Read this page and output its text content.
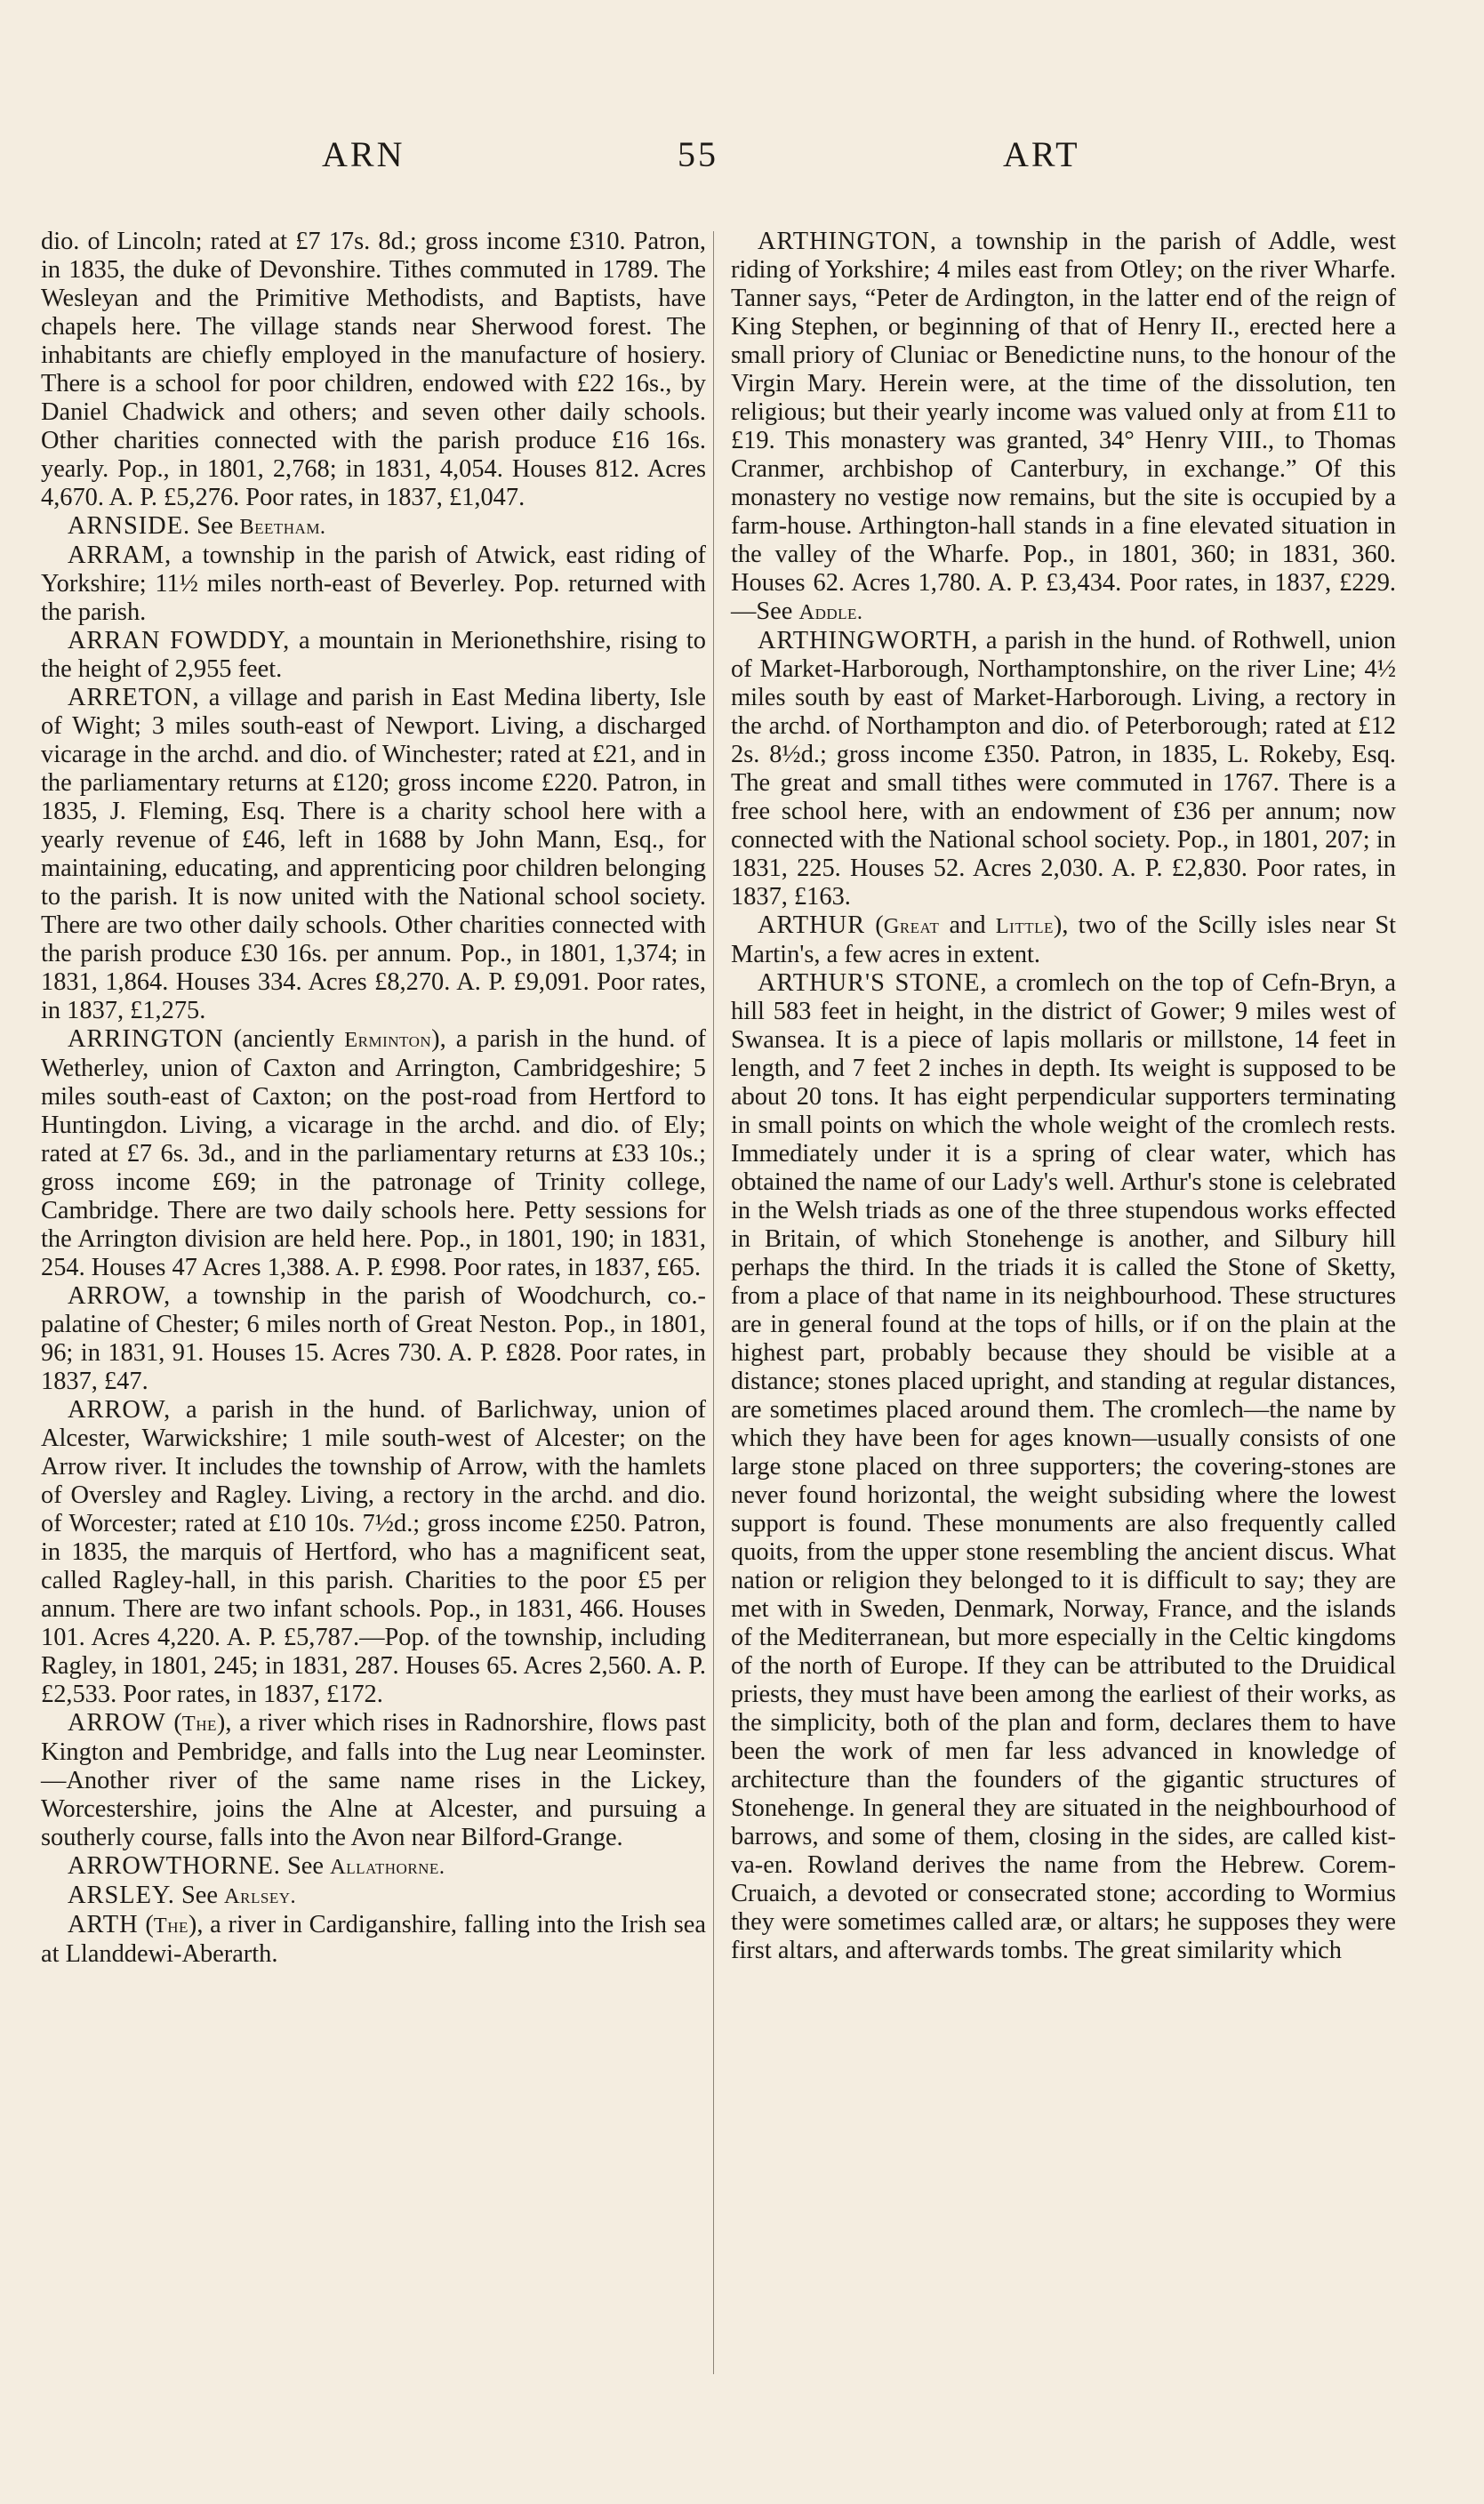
ARN	55	ART

dio. of Lincoln; rated at £7 17s. 8d.; gross income £310. Patron, in 1835, the duke of Devonshire. Tithes commuted in 1789. The Wesleyan and the Primitive Methodists, and Baptists, have chapels here. The village stands near Sherwood forest. The inhabitants are chiefly employed in the manufacture of hosiery. There is a school for poor children, endowed with £22 16s., by Daniel Chadwick and others; and seven other daily schools. Other charities connected with the parish produce £16 16s. yearly. Pop., in 1801, 2,768; in 1831, 4,054. Houses 812. Acres 4,670. A. P. £5,276. Poor rates, in 1837, £1,047.

ARNSIDE. See Beetham.

ARRAM, a township in the parish of Atwick, east riding of Yorkshire; 11½ miles north-east of Beverley. Pop. returned with the parish.

ARRAN FOWDDY, a mountain in Merionethshire, rising to the height of 2,955 feet.

ARRETON, a village and parish in East Medina liberty, Isle of Wight; 3 miles south-east of Newport. Living, a discharged vicarage in the archd. and dio. of Winchester; rated at £21, and in the parliamentary returns at £120; gross income £220. Patron, in 1835, J. Fleming, Esq. There is a charity school here with a yearly revenue of £46, left in 1688 by John Mann, Esq., for maintaining, educating, and apprenticing poor children belonging to the parish. It is now united with the National school society. There are two other daily schools. Other charities connected with the parish produce £30 16s. per annum. Pop., in 1801, 1,374; in 1831, 1,864. Houses 334. Acres £8,270. A. P. £9,091. Poor rates, in 1837, £1,275.

ARRINGTON (anciently Erminton), a parish in the hund. of Wetherley, union of Caxton and Arrington, Cambridgeshire; 5 miles south-east of Caxton; on the post-road from Hertford to Huntingdon. Living, a vicarage in the archd. and dio. of Ely; rated at £7 6s. 3d., and in the parliamentary returns at £33 10s.; gross income £69; in the patronage of Trinity college, Cambridge. There are two daily schools here. Petty sessions for the Arrington division are held here. Pop., in 1801, 190; in 1831, 254. Houses 47 Acres 1,388. A. P. £998. Poor rates, in 1837, £65.

ARROW, a township in the parish of Woodchurch, co.-palatine of Chester; 6 miles north of Great Neston. Pop., in 1801, 96; in 1831, 91. Houses 15. Acres 730. A. P. £828. Poor rates, in 1837, £47.

ARROW, a parish in the hund. of Barlichway, union of Alcester, Warwickshire; 1 mile south-west of Alcester; on the Arrow river. It includes the township of Arrow, with the hamlets of Oversley and Ragley. Living, a rectory in the archd. and dio. of Worcester; rated at £10 10s. 7½d.; gross income £250. Patron, in 1835, the marquis of Hertford, who has a magnificent seat, called Ragley-hall, in this parish. Charities to the poor £5 per annum. There are two infant schools. Pop., in 1831, 466. Houses 101. Acres 4,220. A. P. £5,787.—Pop. of the township, including Ragley, in 1801, 245; in 1831, 287. Houses 65. Acres 2,560. A. P. £2,533. Poor rates, in 1837, £172.

ARROW (The), a river which rises in Radnorshire, flows past Kington and Pembridge, and falls into the Lug near Leominster.—Another river of the same name rises in the Lickey, Worcestershire, joins the Alne at Alcester, and pursuing a southerly course, falls into the Avon near Bilford-Grange.

ARROWTHORNE. See Allathorne.

ARSLEY. See Arlsey.

ARTH (The), a river in Cardiganshire, falling into the Irish sea at Llanddewi-Aberarth.

ARTHINGTON, a township in the parish of Addle, west riding of Yorkshire; 4 miles east from Otley; on the river Wharfe. Tanner says, “Peter de Ardington, in the latter end of the reign of King Stephen, or beginning of that of Henry II., erected here a small priory of Cluniac or Benedictine nuns, to the honour of the Virgin Mary. Herein were, at the time of the dissolution, ten religious; but their yearly income was valued only at from £11 to £19. This monastery was granted, 34° Henry VIII., to Thomas Cranmer, archbishop of Canterbury, in exchange.” Of this monastery no vestige now remains, but the site is occupied by a farm-house. Arthington-hall stands in a fine elevated situation in the valley of the Wharfe. Pop., in 1801, 360; in 1831, 360. Houses 62. Acres 1,780. A. P. £3,434. Poor rates, in 1837, £229.—See Addle.

ARTHINGWORTH, a parish in the hund. of Rothwell, union of Market-Harborough, Northamptonshire, on the river Line; 4½ miles south by east of Market-Harborough. Living, a rectory in the archd. of Northampton and dio. of Peterborough; rated at £12 2s. 8½d.; gross income £350. Patron, in 1835, L. Rokeby, Esq. The great and small tithes were commuted in 1767. There is a free school here, with an endowment of £36 per annum; now connected with the National school society. Pop., in 1801, 207; in 1831, 225. Houses 52. Acres 2,030. A. P. £2,830. Poor rates, in 1837, £163.

ARTHUR (Great and Little), two of the Scilly isles near St Martin's, a few acres in extent.

ARTHUR'S STONE, a cromlech on the top of Cefn-Bryn, a hill 583 feet in height, in the district of Gower; 9 miles west of Swansea. It is a piece of lapis mollaris or millstone, 14 feet in length, and 7 feet 2 inches in depth. Its weight is supposed to be about 20 tons. It has eight perpendicular supporters terminating in small points on which the whole weight of the cromlech rests. Immediately under it is a spring of clear water, which has obtained the name of our Lady's well. Arthur's stone is celebrated in the Welsh triads as one of the three stupendous works effected in Britain, of which Stonehenge is another, and Silbury hill perhaps the third. In the triads it is called the Stone of Sketty, from a place of that name in its neighbourhood. These structures are in general found at the tops of hills, or if on the plain at the highest part, probably because they should be visible at a distance; stones placed upright, and standing at regular distances, are sometimes placed around them. The cromlech—the name by which they have been for ages known—usually consists of one large stone placed on three supporters; the covering-stones are never found horizontal, the weight subsiding where the lowest support is found. These monuments are also frequently called quoits, from the upper stone resembling the ancient discus. What nation or religion they belonged to it is difficult to say; they are met with in Sweden, Denmark, Norway, France, and the islands of the Mediterranean, but more especially in the Celtic kingdoms of the north of Europe. If they can be attributed to the Druidical priests, they must have been among the earliest of their works, as the simplicity, both of the plan and form, declares them to have been the work of men far less advanced in knowledge of architecture than the founders of the gigantic structures of Stonehenge. In general they are situated in the neighbourhood of barrows, and some of them, closing in the sides, are called kist-va-en. Rowland derives the name from the Hebrew. Corem-Cruaich, a devoted or consecrated stone; according to Wormius they were sometimes called aræ, or altars; he supposes they were first altars, and afterwards tombs. The great similarity which
